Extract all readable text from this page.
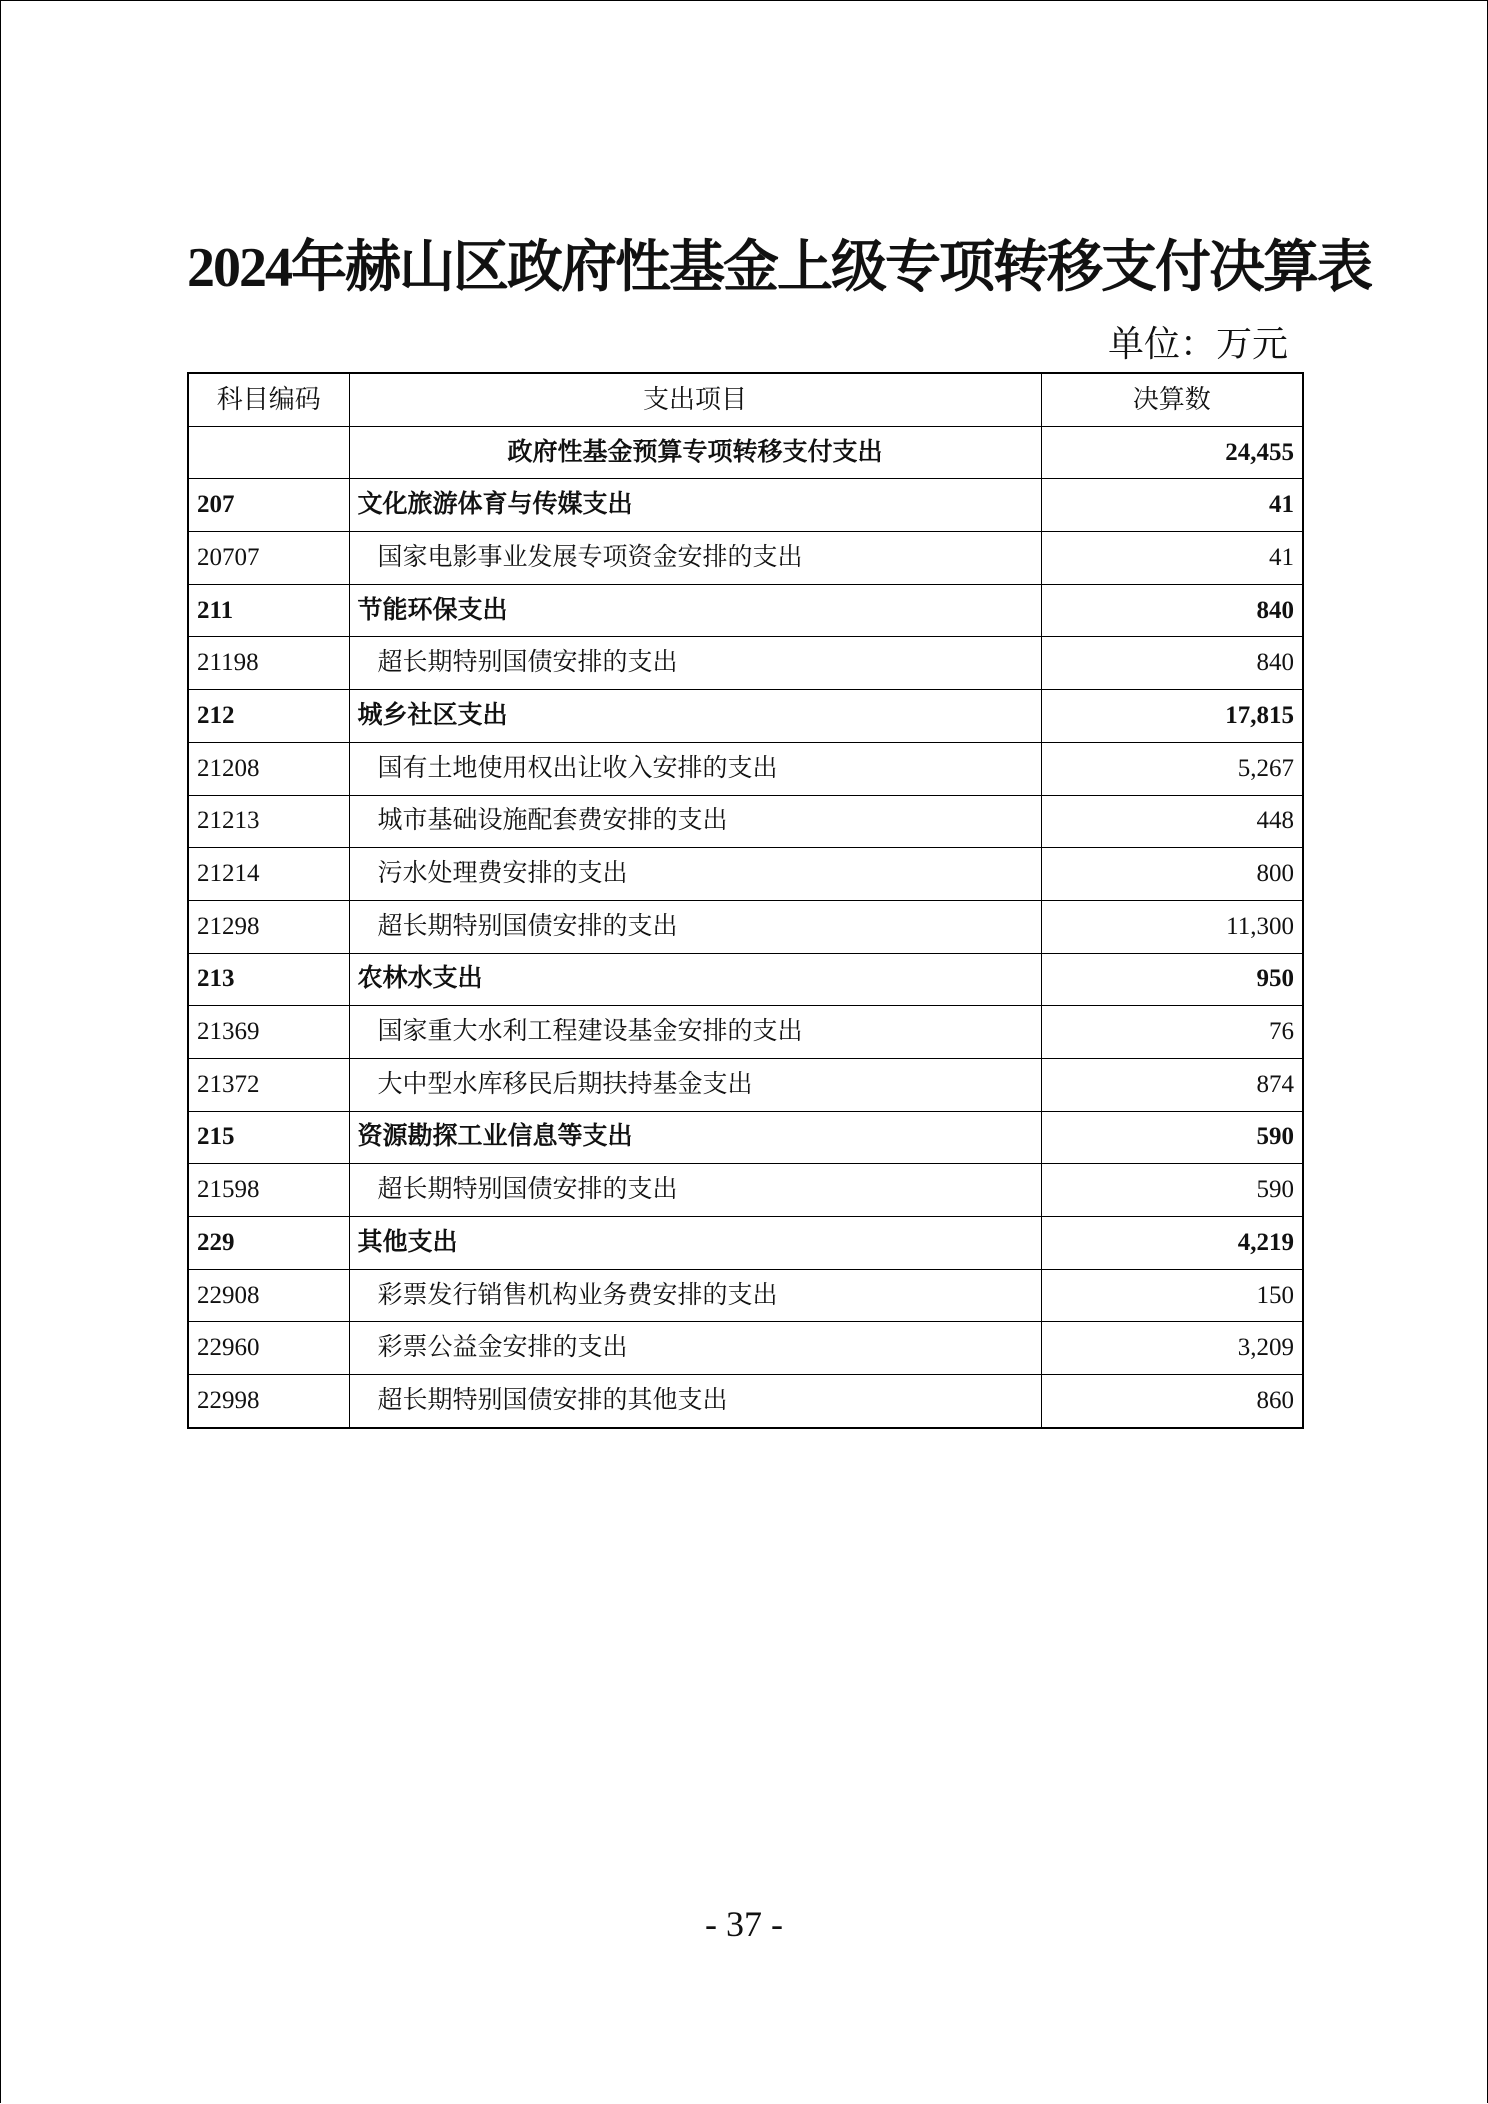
2024年赫山区政府性基金上级专项转移支付决算表
单位：万元
科目编码	支出项目	决算数
	政府性基金预算专项转移支付支出	24,455
207	文化旅游体育与传媒支出	41
20707	国家电影事业发展专项资金安排的支出	41
211	节能环保支出	840
21198	超长期特别国债安排的支出	840
212	城乡社区支出	17,815
21208	国有土地使用权出让收入安排的支出	5,267
21213	城市基础设施配套费安排的支出	448
21214	污水处理费安排的支出	800
21298	超长期特别国债安排的支出	11,300
213	农林水支出	950
21369	国家重大水利工程建设基金安排的支出	76
21372	大中型水库移民后期扶持基金支出	874
215	资源勘探工业信息等支出	590
21598	超长期特别国债安排的支出	590
229	其他支出	4,219
22908	彩票发行销售机构业务费安排的支出	150
22960	彩票公益金安排的支出	3,209
22998	超长期特别国债安排的其他支出	860
- 37 -
